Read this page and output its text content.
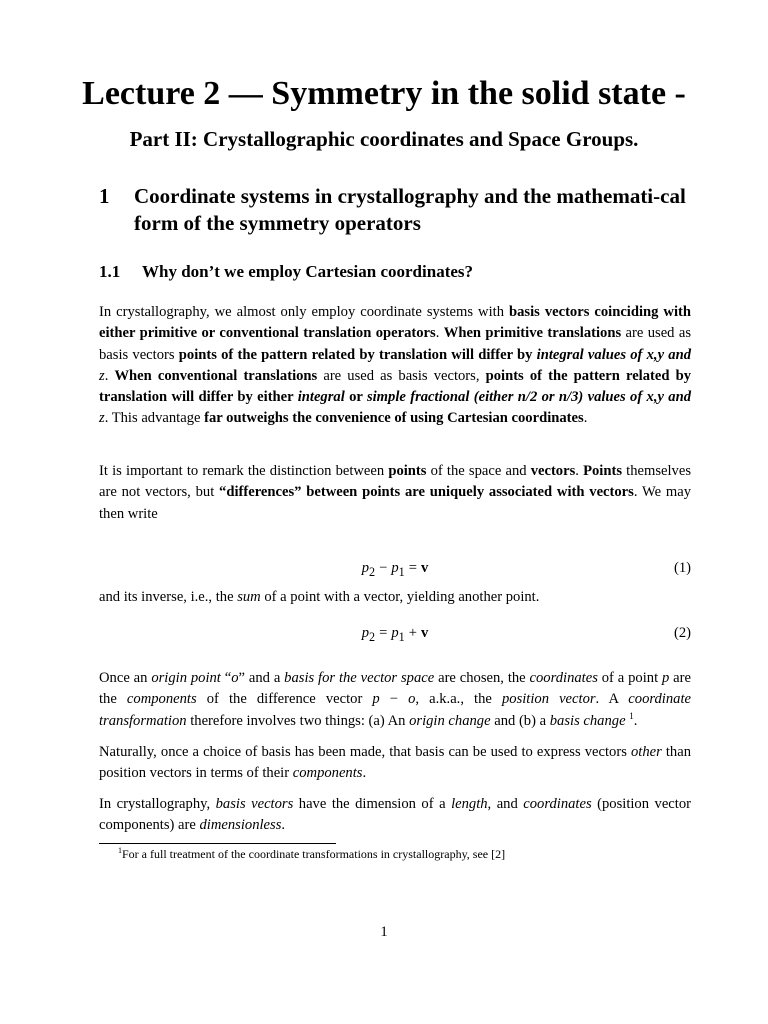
Lecture 2 — Symmetry in the solid state -
Part II: Crystallographic coordinates and Space Groups.
1 Coordinate systems in crystallography and the mathemati-cal form of the symmetry operators
1.1 Why don’t we employ Cartesian coordinates?

In crystallography, we almost only employ coordinate systems with basis vectors coinciding with either primitive or conventional translation operators. When primitive translations are used as basis vectors points of the pattern related by translation will differ by integral values of x,y and z. When conventional translations are used as basis vectors, points of the pattern related by translation will differ by either integral or simple fractional (either n/2 or n/3) values of x,y and z. This advantage far outweighs the convenience of using Cartesian coordinates.

It is important to remark the distinction between points of the space and vectors. Points themselves are not vectors, but “differences” between points are uniquely associated with vectors. We may then write

$p_2 - p_1 = v$	(1)

and its inverse, i.e., the sum of a point with a vector, yielding another point.

$p_2 = p_1 + v$	(2)

Once an origin point “o” and a basis for the vector space are chosen, the coordinates of a point p are the components of the difference vector p − o, a.k.a., the position vector. A coordinate transformation therefore involves two things: (a) An origin change and (b) a basis change $^1$.

Naturally, once a choice of basis has been made, that basis can be used to express vectors other than position vectors in terms of their components.

In crystallography, basis vectors have the dimension of a length, and coordinates (position vector components) are dimensionless.

$^1$For a full treatment of the coordinate transformations in crystallography, see [2]

1
